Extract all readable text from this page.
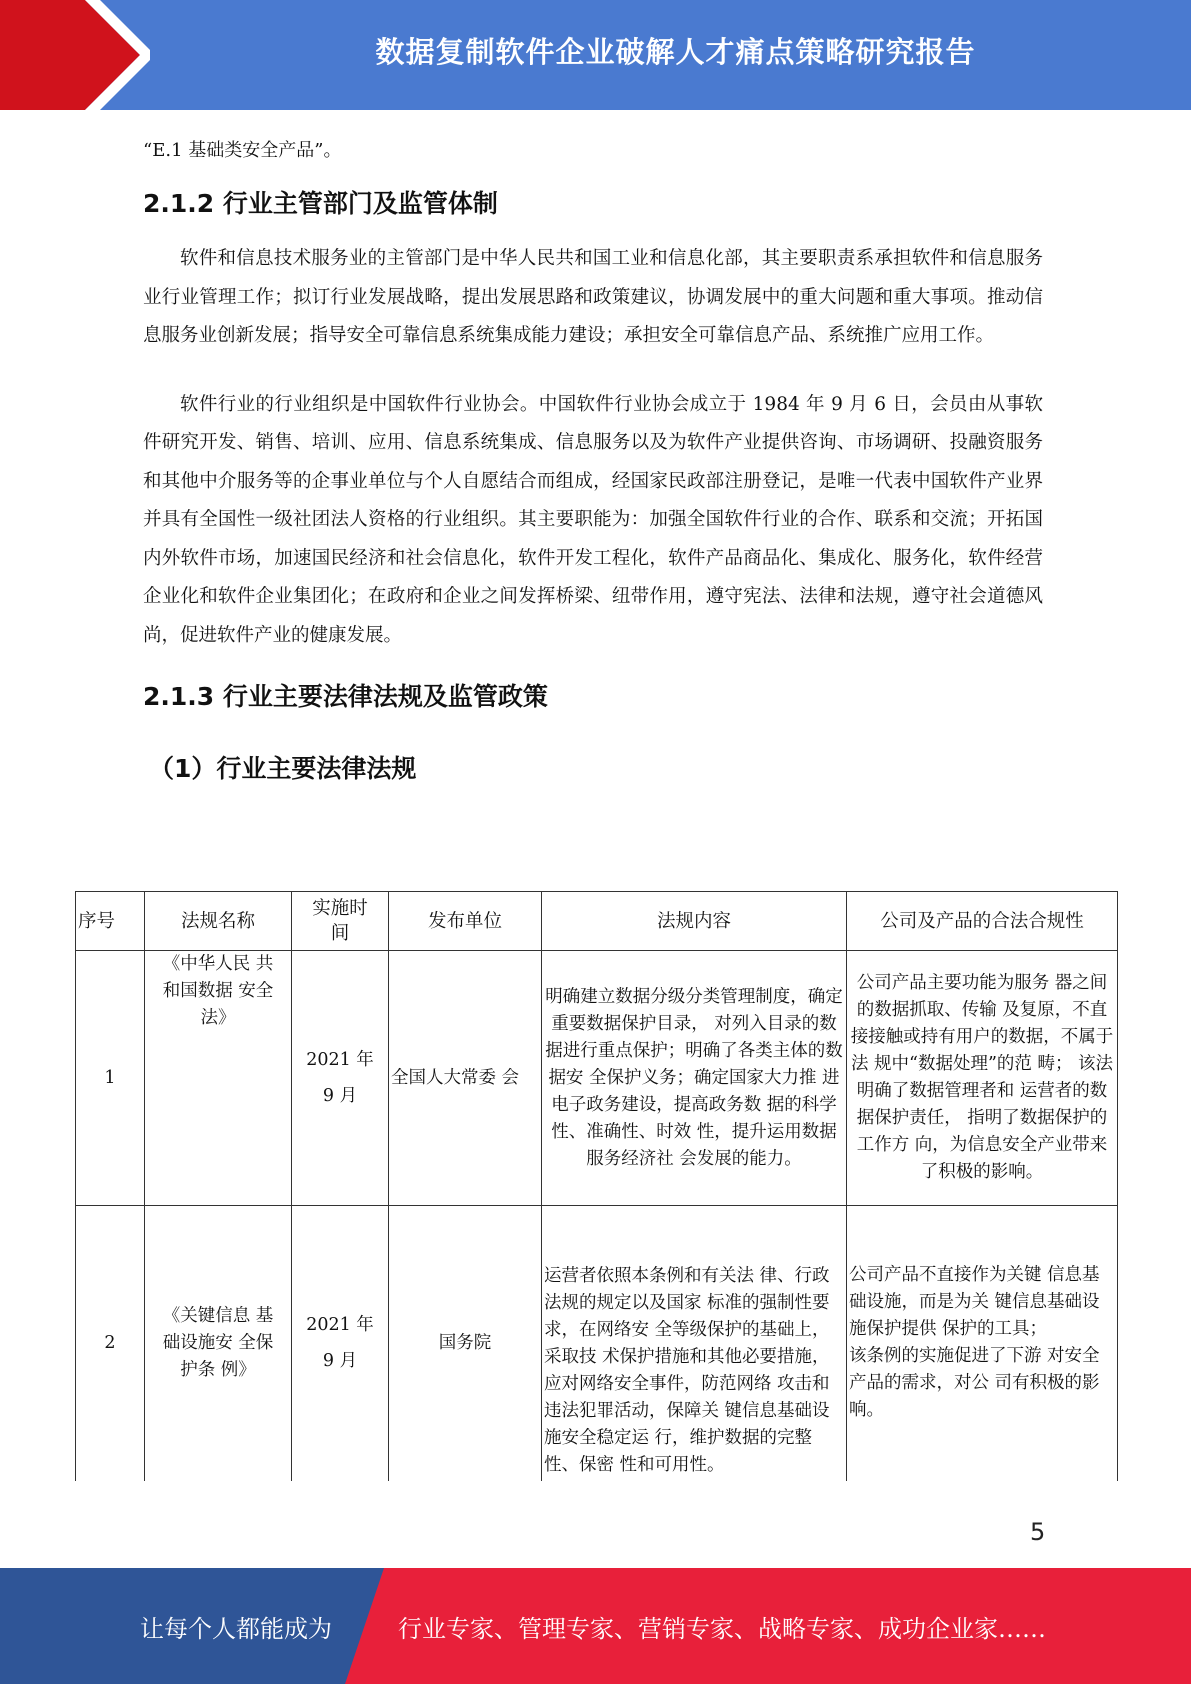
数据复制软件企业破解人才痛点策略研究报告

“E.1 基础类安全产品”。

2.1.2 行业主管部门及监管体制

软件和信息技术服务业的主管部门是中华人民共和国工业和信息化部，其主要职责系承担软件和信息服务业行业管理工作；拟订行业发展战略，提出发展思路和政策建议，协调发展中的重大问题和重大事项。推动信息服务业创新发展；指导安全可靠信息系统集成能力建设；承担安全可靠信息产品、系统推广应用工作。

软件行业的行业组织是中国软件行业协会。中国软件行业协会成立于 1984 年 9 月 6 日，会员由从事软件研究开发、销售、培训、应用、信息系统集成、信息服务以及为软件产业提供咨询、市场调研、投融资服务和其他中介服务等的企事业单位与个人自愿结合而组成，经国家民政部注册登记，是唯一代表中国软件产业界并具有全国性一级社团法人资格的行业组织。其主要职能为：加强全国软件行业的合作、联系和交流；开拓国内外软件市场，加速国民经济和社会信息化，软件开发工程化，软件产品商品化、集成化、服务化，软件经营企业化和软件企业集团化；在政府和企业之间发挥桥梁、纽带作用，遵守宪法、法律和法规，遵守社会道德风尚，促进软件产业的健康发展。

2.1.3 行业主要法律法规及监管政策
（1）行业主要法律法规
序号	法规名称	实施时间	发布单位	法规内容	公司及产品的合法合规性
1	《中华人民 共和国数据 安全法》	2021 年 9 月	全国人大常委 会	明确建立数据分级分类管理制度，确定重要数据保护目录， 对列入目录的数据进行重点保护；明确了各类主体的数据安 全保护义务；确定国家大力推 进电子政务建设，提高政务数 据的科学性、准确性、时效 性，提升运用数据服务经济社 会发展的能力。	公司产品主要功能为服务 器之间的数据抓取、传输 及复原，不直接接触或持有用户的数据，不属于法 规中“数据处理”的范 畴； 该法明确了数据管理者和 运营者的数据保护责任， 指明了数据保护的工作方 向，为信息安全产业带来 了积极的影响。
2	《关键信息 基础设施安 全保护条 例》	2021 年 9 月	国务院	运营者依照本条例和有关法 律、行政法规的规定以及国家 标准的强制性要求，在网络安 全等级保护的基础上，采取技 术保护措施和其他必要措施， 应对网络安全事件，防范网络 攻击和违法犯罪活动，保障关 键信息基础设施安全稳定运 行，维护数据的完整性、保密 性和可用性。	公司产品不直接作为关键 信息基础设施，而是为关 键信息基础设施保护提供 保护的工具；
该条例的实施促进了下游 对安全产品的需求，对公 司有积极的影响。
5
让每个人都能成为	行业专家、管理专家、营销专家、战略专家、成功企业家……
